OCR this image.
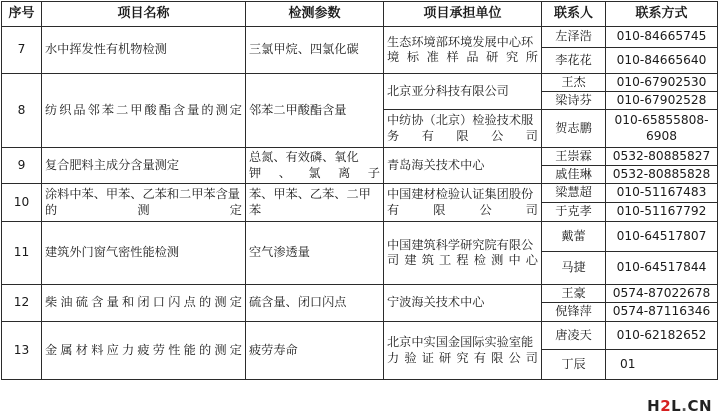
序号	项目名称	检测参数	项目承担单位	联系人	联系方式
7	水中挥发性有机物检测	三氯甲烷、四氯化碳	生态环境部环境发展中心环境标准样品研究所	左泽浩	010-84665745
				李花花	010-84665640
8	纺织品邻苯二甲酸酯含量的测定	邻苯二甲酸酯含量	北京亚分科技有限公司	王杰	010-67902530
				梁诗芬	010-67902528
			中纺协（北京）检验技术服务有限公司	贺志鹏	010-65855808-6908
9	复合肥料主成分含量测定	总氮、有效磷、氧化钾、氯离子	青岛海关技术中心	王崇霖	0532-80885827
				戚佳琳	0532-80885828
10	涂料中苯、甲苯、乙苯和二甲苯含量的测定	苯、甲苯、乙苯、二甲苯	中国建材检验认证集团股份有限公司	梁慧超	010-51167483
				于克孝	010-51167792
11	建筑外门窗气密性能检测	空气渗透量	中国建筑科学研究院有限公司建筑工程检测中心	戴蕾	010-64517807
				马捷	010-64517844
12	柴油硫含量和闭口闪点的测定	硫含量、闭口闪点	宁波海关技术中心	王豪	0574-87022678
				倪锋萍	0574-87116346
13	金属材料应力疲劳性能的测定	疲劳寿命	北京中实国金国际实验室能力验证研究有限公司	唐凌天	010-62182652
				丁辰	01
H2L.CN
